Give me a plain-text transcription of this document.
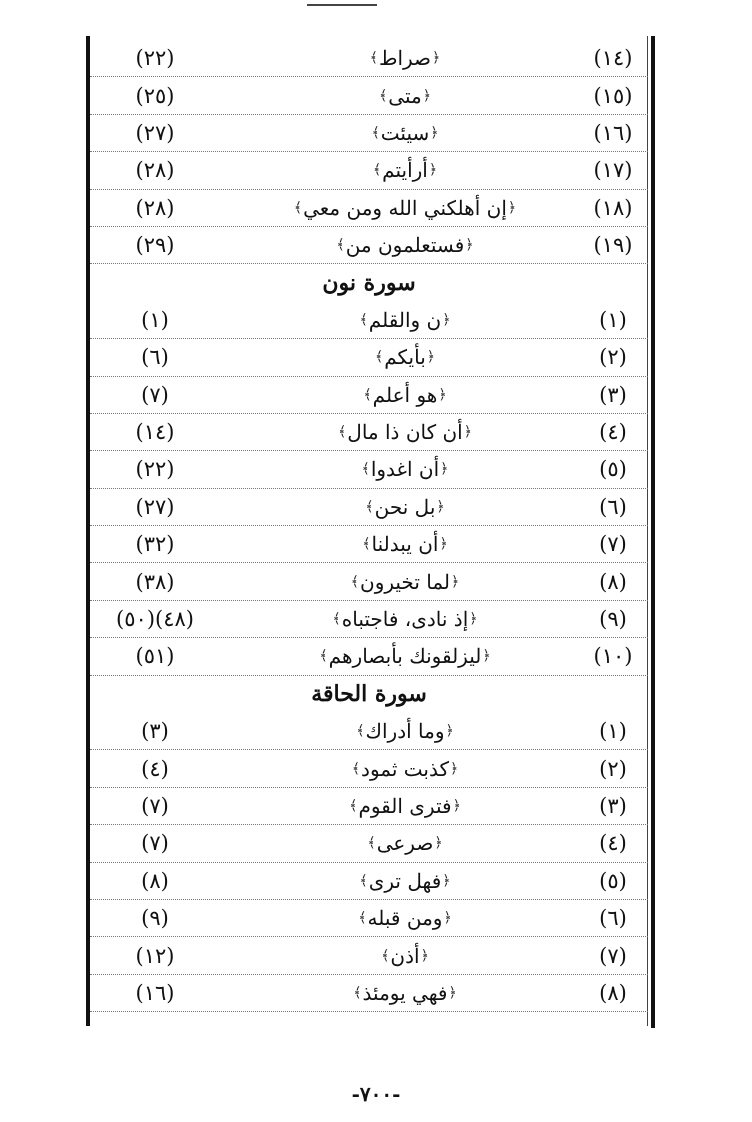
(١٤)
﴿
صراط
﴾
(٢٢)
(١٥)
﴿
متى
﴾
(٢٥)
(١٦)
﴿
سيئت
﴾
(٢٧)
(١٧)
﴿
أرأيتم
﴾
(٢٨)
(١٨)
﴿
إن أهلكني الله ومن معي
﴾
(٢٨)
(١٩)
﴿
فستعلمون من
﴾
(٢٩)
سورة نون
(١)
﴿
ن والقلم
﴾
(١)
(٢)
﴿
بأيكم
﴾
(٦)
(٣)
﴿
هو أعلم
﴾
(٧)
(٤)
﴿
أن كان ذا مال
﴾
(١٤)
(٥)
﴿
أن اغدوا
﴾
(٢٢)
(٦)
﴿
بل نحن
﴾
(٢٧)
(٧)
﴿
أن يبدلنا
﴾
(٣٢)
(٨)
﴿
لما تخيرون
﴾
(٣٨)
(٩)
﴿
إذ نادى، فاجتباه
﴾
(٤٨)(٥٠)
(١٠)
﴿
ليزلقونك بأبصارهم
﴾
(٥١)
سورة الحاقة
(١)
﴿
وما أدراك
﴾
(٣)
(٢)
﴿
كذبت ثمود
﴾
(٤)
(٣)
﴿
فترى القوم
﴾
(٧)
(٤)
﴿
صرعى
﴾
(٧)
(٥)
﴿
فهل ترى
﴾
(٨)
(٦)
﴿
ومن قبله
﴾
(٩)
(٧)
﴿
أذن
﴾
(١٢)
(٨)
﴿
فهي يومئذ
﴾
(١٦)
-٧٠٠-
